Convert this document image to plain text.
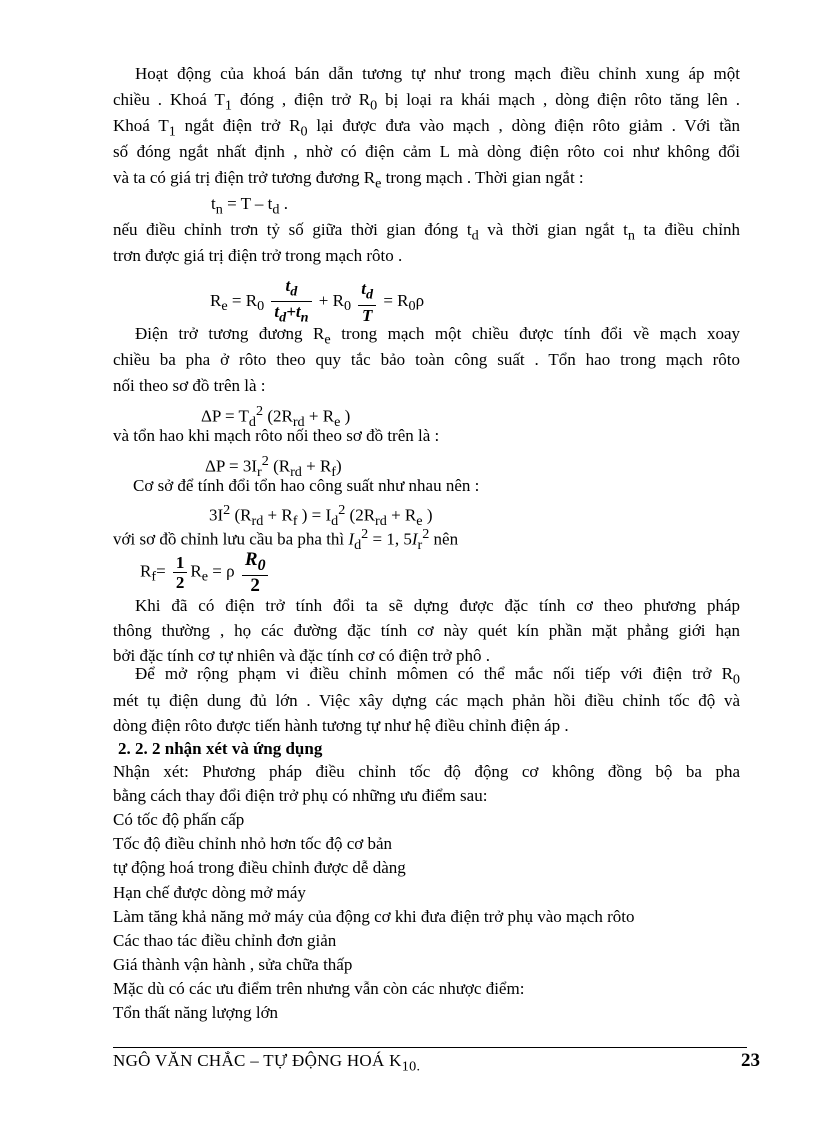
Hoạt động của khoá bán dẫn tương tự như trong mạch điều chỉnh xung áp một
chiều . Khoá $T_1$ đóng , điện trở $R_0$ bị loại ra khái mạch , dòng điện rôto tăng lên .
Khoá $T_1$ ngắt điện trở $R_0$ lại được đưa vào mạch , dòng điện rôto giảm . Với tần
số đóng ngắt nhất định , nhờ có điện cảm L mà dòng điện rôto coi như không đổi
và ta có giá trị điện trở tương đương $R_e$ trong mạch . Thời gian ngắt :
$t_n = T - t_d$ .
nếu điều chỉnh trơn tỷ số giữa thời gian đóng $t_d$ và thời gian ngắt $t_n$ ta điều chỉnh
trơn được giá trị điện trở trong mạch rôto .
$R_e = R_0 \frac{t_d}{t_d+t_n} + R_0 \frac{t_d}{T} = R_0\rho$
Điện trở tương đương $R_e$ trong mạch một chiều được tính đổi về mạch xoay
chiều ba pha ở rôto theo quy tắc bảo toàn công suất . Tổn hao trong mạch rôto
nối theo sơ đồ trên là :
$\Delta P = T_d^2$ ($2R_{rd} + R_e$ )
và tổn hao khi mạch rôto nối theo sơ đồ trên là :
$\Delta P = 3I_r^2$ $(R_{rd} + R_f)$
Cơ sở để tính đổi tổn hao công suất như nhau nên :
$3I^2$ ($R_{rd} + R_f$ ) = $I_d^2$ ($2R_{rd} + R_e$ )
với sơ đồ chỉnh lưu cầu ba pha thì $I_d^2 = 1$, $5I_r^2$ nên
$R_f= \frac{1}{2} R_e = \rho \frac{R_0}{2}$
Khi đã có điện trở tính đổi ta sẽ dựng được đặc tính cơ theo phương pháp
thông thường , họ các đường đặc tính cơ này quét kín phần mặt phẳng giới hạn
bởi đặc tính cơ tự nhiên và đặc tính cơ có điện trở phô .
Để mở rộng phạm vi điều chỉnh mômen có thể mắc nối tiếp với điện trở $R_0$
mét tụ điện dung đủ lớn . Việc xây dựng các mạch phản hồi điều chỉnh tốc độ và
dòng điện rôto được tiến hành tương tự như hệ điều chỉnh điện áp .
2. 2. 2 nhận xét và ứng dụng
Nhận xét: Phương pháp điều chỉnh tốc độ động cơ không đồng bộ ba pha
bằng cách thay đổi điện trở phụ có những ưu điểm sau:
Có tốc độ phấn cấp
Tốc độ điều chỉnh nhỏ hơn tốc độ cơ bản
tự động hoá trong điều chỉnh được dễ dàng
Hạn chế được dòng mở máy
Làm tăng khả năng mở máy của động cơ khi đưa điện trở phụ vào mạch rôto
Các thao tác điều chỉnh đơn giản
Giá thành vận hành , sửa chữa thấp
Mặc dù có các ưu điểm trên nhưng vẫn còn các nhược điểm:
Tổn thất năng lượng lớn
NGÔ VĂN CHẮC – TỰ ĐỘNG HOÁ $K_{10.}$	23
